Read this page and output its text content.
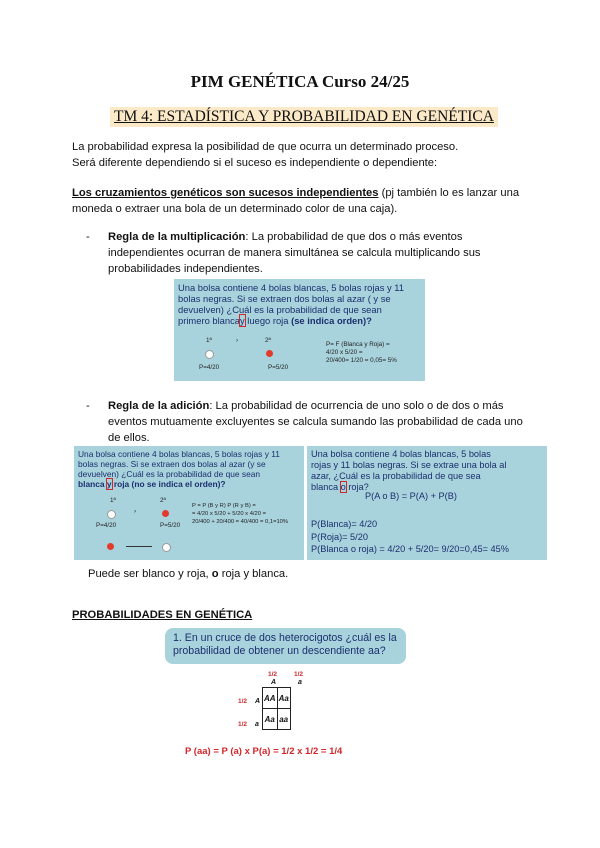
PIM GENÉTICA Curso 24/25
TM 4: ESTADÍSTICA Y PROBABILIDAD EN GENÉTICA
La probabilidad expresa la posibilidad de que ocurra un determinado proceso.
Será diferente dependiendo si el suceso es independiente o dependiente:
Los cruzamientos genéticos son sucesos independientes (pj también lo es lanzar una
moneda o extraer una bola de un determinado color de una caja).
- Regla de la multiplicación: La probabilidad de que dos o más eventos
independientes ocurran de manera simultánea se calcula multiplicando sus
probabilidades independientes.
Una bolsa contiene 4 bolas blancas, 5 bolas rojas y 11
bolas negras. Si se extraen dos bolas al azar ( y se
devuelven) ¿Cuál es la probabilidad de que sean
primero blancay luego roja (se indica orden)?
1ª	›	2ª
P=4/20	P=5/20
P= F (Blanca y Roja) =
4/20 x 5/20 =
20/400= 1/20 = 0,05= 5%
- Regla de la adición: La probabilidad de ocurrencia de uno solo o de dos o más
eventos mutuamente excluyentes se calcula sumando las probabilidad de cada uno
de ellos.
Una bolsa contiene 4 bolas blancas, 5 bolas rojas y 11
bolas negras. Si se extraen dos bolas al azar (y se
devuelven) ¿Cuál es la probabilidad de que sean
blanca y roja (no se indica el orden)?
1ª	2ª
›
P=4/20	P=5/20
P = P (B y R) P (R y B) =
= 4/20 x 5/20 + 5/20 x 4/20 =
20/400 + 20/400 = 40/400 = 0,1=10%
Una bolsa contiene 4 bolas blancas, 5 bolas
rojas y 11 bolas negras. Si se extrae una bola al
azar, ¿Cuál es la probabilidad de que sea
blanca o roja?
P(A o B) = P(A) + P(B)
P(Blanca)= 4/20
P(Roja)= 5/20
P(Blanca o roja) = 4/20 + 5/20= 9/20=0,45= 45%
Puede ser blanco y roja, o roja y blanca.
PROBABILIDADES EN GENÉTICA
1. En un cruce de dos heterocigotos ¿cuál es la
probabilidad de obtener un descendiente aa?
1/2	1/2
A	a
1/2 A
1/2 a
AA	Aa
Aa	aa
P (aa) = P (a) x P(a) = 1/2 x 1/2 = 1/4
